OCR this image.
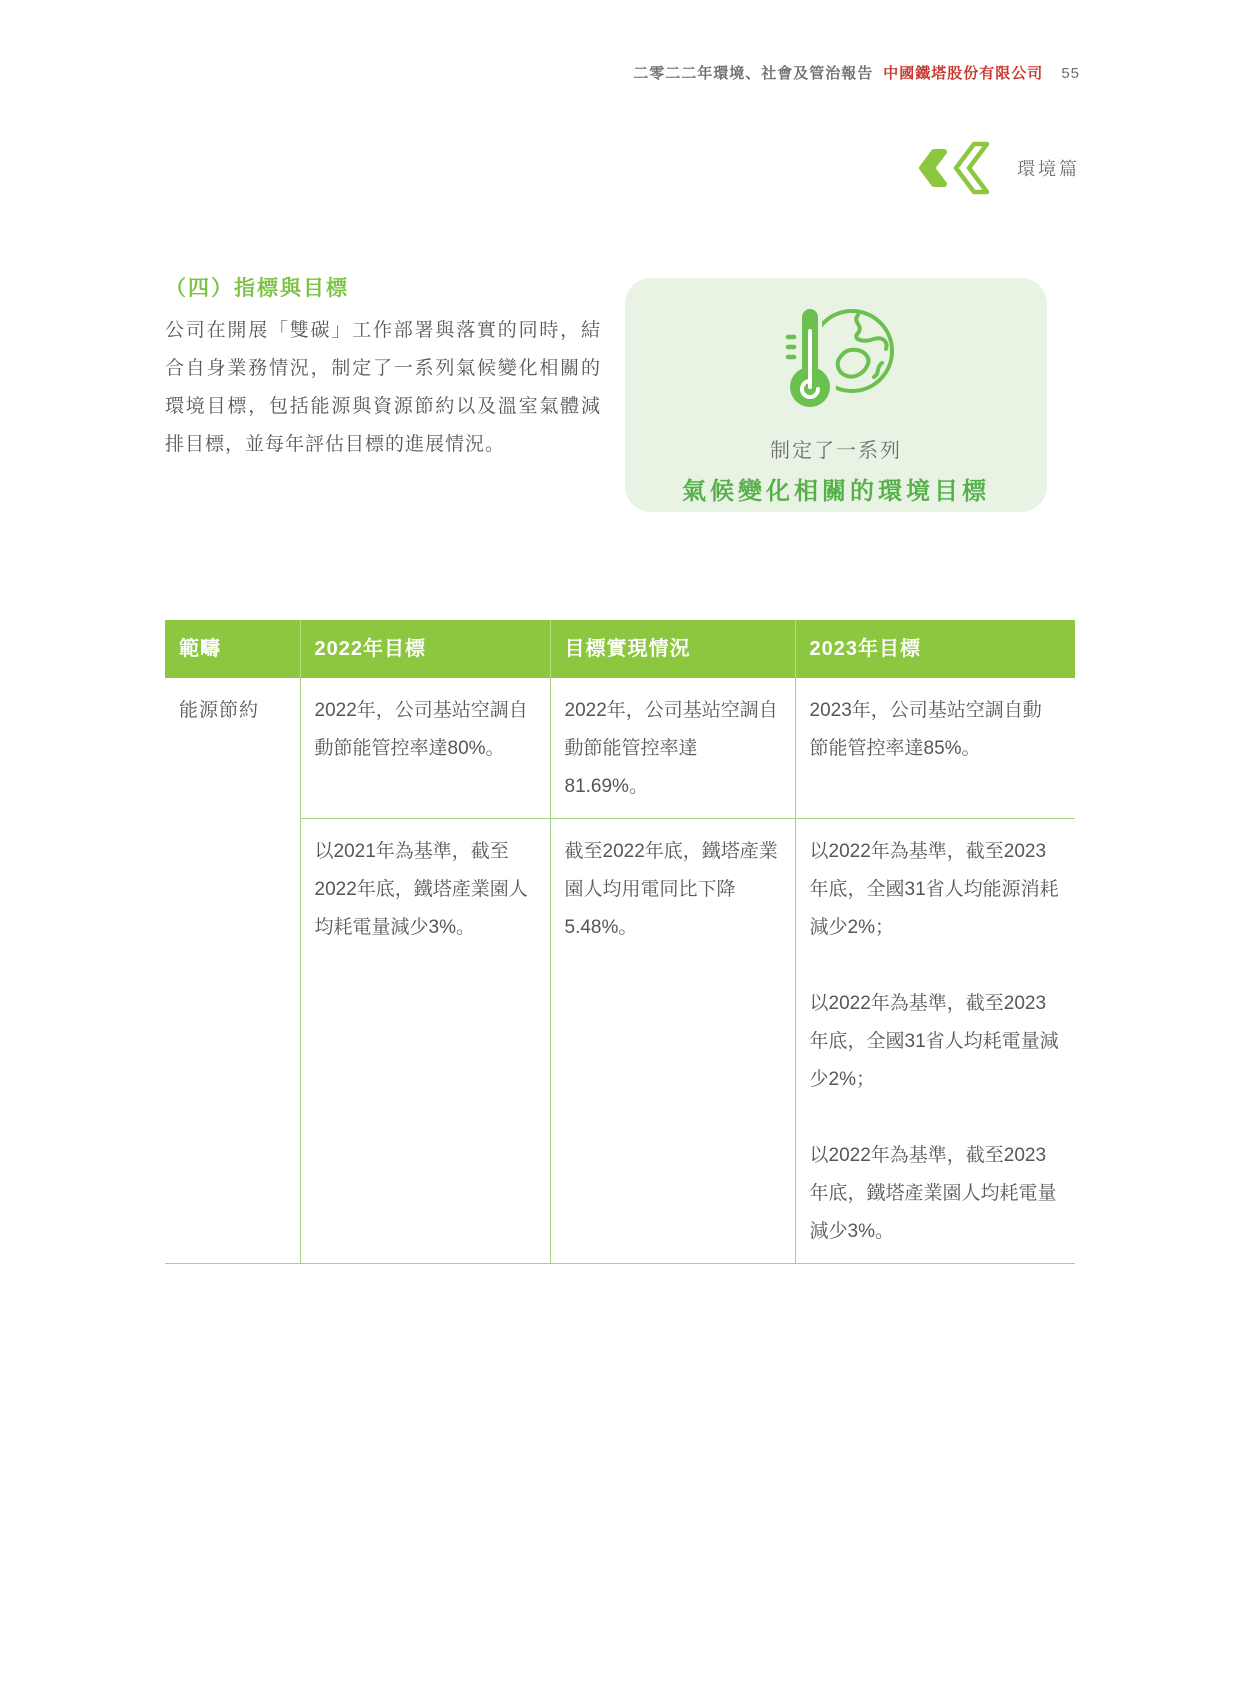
二零二二年環境、社會及管治報告 中國鐵塔股份有限公司 55
環境篇
（四）指標與目標
公司在開展「雙碳」工作部署與落實的同時，結合自身業務情況，制定了一系列氣候變化相關的環境目標，包括能源與資源節約以及溫室氣體減排目標，並每年評估目標的進展情況。	制定了一系列
氣候變化相關的環境目標
範疇	2022年目標	目標實現情況	2023年目標
能源節約	2022年，公司基站空調自動節能管控率達80%。	2022年，公司基站空調自動節能管控率達81.69%。	2023年，公司基站空調自動節能管控率達85%。

	以2021年為基準，截至2022年底，鐵塔產業園人均耗電量減少3%。	截至2022年底，鐵塔產業園人均用電同比下降5.48%。	以2022年為基準，截至2023年底，全國31省人均能源消耗減少2%；

以2022年為基準，截至2023年底，全國31省人均耗電量減少2%；

以2022年為基準，截至2023年底，鐵塔產業園人均耗電量減少3%。
